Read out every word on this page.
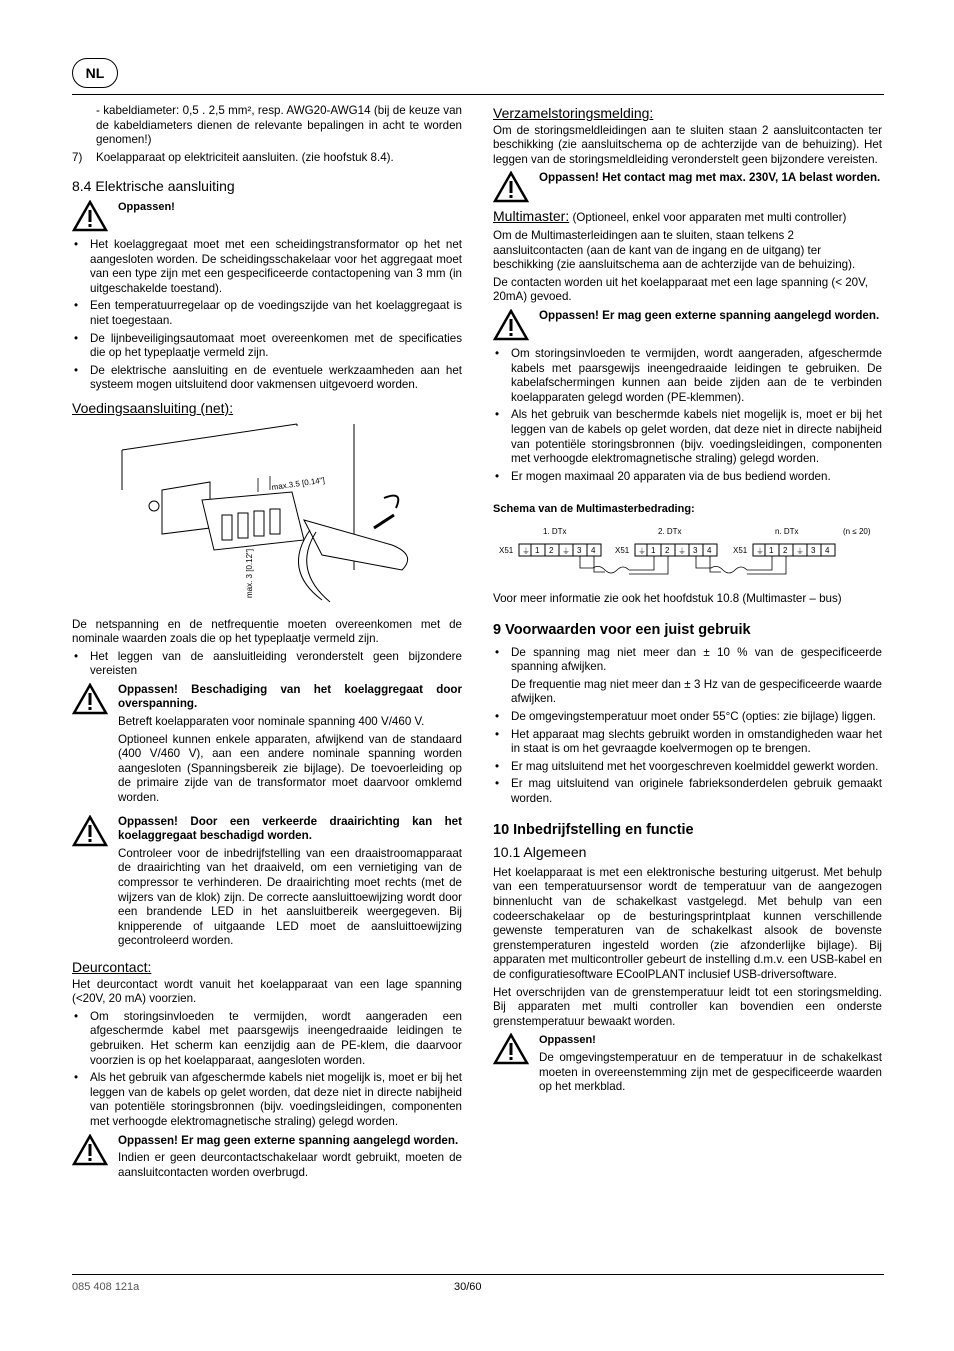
NL

- kabeldiameter: 0,5 . 2,5 mm², resp. AWG20-AWG14 (bij de keuze van de kabeldiameters dienen de relevante bepalingen in acht te worden genomen!)

7)	Koelapparaat op elektriciteit aansluiten. (zie hoofstuk 8.4).
8.4 Elektrische aansluiting

Oppassen!

• Het koelaggregaat moet met een scheidingstransformator op het net aangesloten worden. De scheidingsschakelaar voor het aggregaat moet van een type zijn met een gespecificeerde contactopening van 3 mm (in uitgeschakelde toestand).
• Een temperatuurregelaar op de voedingszijde van het koelaggregaat is niet toegestaan.
• De lijnbeveiligingsautomaat moet overeenkomen met de specificaties die op het typeplaatje vermeld zijn.
• De elektrische aansluiting en de eventuele werkzaamheden aan het systeem mogen uitsluitend door vakmensen uitgevoerd worden.
Voedingsaansluiting (net):
max.3.5 [0.14"]
max. 3 [0.12"]

De netspanning en de netfrequentie moeten overeenkomen met de nominale waarden zoals die op het typeplaatje vermeld zijn.

• Het leggen van de aansluitleiding veronderstelt geen bijzondere vereisten

Oppassen! Beschadiging van het koelaggregaat door overspanning.

Betreft koelapparaten voor nominale spanning 400 V/460 V.

Optioneel kunnen enkele apparaten, afwijkend van de standaard (400 V/460 V), aan een andere nominale spanning worden aangesloten (Spanningsbereik zie bijlage). De toevoerleiding op de primaire zijde van de transformator moet daarvoor omklemd worden.

Oppassen! Door een verkeerde draairichting kan het koelaggregaat beschadigd worden.

Controleer voor de inbedrijfstelling van een draaistroomapparaat de draairichting van het draaiveld, om een vernietiging van de compressor te verhinderen. De draairichting moet rechts (met de wijzers van de klok) zijn. De correcte aansluittoewijzing wordt door een brandende LED in het aansluitbereik weergegeven. Bij knipperende of uitgaande LED moet de aansluittoewijzing gecontroleerd worden.

Deurcontact:

Het deurcontact wordt vanuit het koelapparaat van een lage spanning (<20V, 20 mA) voorzien.

• Om storingsinvloeden te vermijden, wordt aangeraden een afgeschermde kabel met paarsgewijs ineengedraaide leidingen te gebruiken. Het scherm kan eenzijdig aan de PE-klem, die daarvoor voorzien is op het koelapparaat, aangesloten worden.
• Als het gebruik van afgeschermde kabels niet mogelijk is, moet er bij het leggen van de kabels op gelet worden, dat deze niet in directe nabijheid van potentiële storingsbronnen (bijv. voedingsleidingen, componenten met verhoogde elektromagnetische straling) gelegd worden.

Oppassen! Er mag geen externe spanning aangelegd worden.

Indien er geen deurcontactschakelaar wordt gebruikt, moeten de aansluitcontacten worden overbrugd.

Verzamelstoringsmelding:

Om de storingsmeldleidingen aan te sluiten staan 2 aansluitcontacten ter beschikking (zie aansluitschema op de achterzijde van de behuizing). Het leggen van de storingsmeldleiding veronderstelt geen bijzondere vereisten.

Oppassen! Het contact mag met max. 230V, 1A belast worden.

Multimaster: (Optioneel, enkel voor apparaten met multi controller)

Om de Multimasterleidingen aan te sluiten, staan telkens 2 aansluitcontacten (aan de kant van de ingang en de uitgang) ter beschikking (zie aansluitschema aan de achterzijde van de behuizing).

De contacten worden uit het koelapparaat met een lage spanning (< 20V, 20mA) gevoed.

Oppassen! Er mag geen externe spanning aangelegd worden.

• Om storingsinvloeden te vermijden, wordt aangeraden, afgeschermde kabels met paarsgewijs ineengedraaide leidingen te gebruiken. De kabelafschermingen kunnen aan beide zijden aan de te verbinden koelapparaten gelegd worden (PE-klemmen).
• Als het gebruik van beschermde kabels niet mogelijk is, moet er bij het leggen van de kabels op gelet worden, dat deze niet in directe nabijheid van potentiële storingsbronnen (bijv. voedingsleidingen, componenten met verhoogde elektromagnetische straling) gelegd worden.
• Er mogen maximaal 20 apparaten via de bus bediend worden.

Schema van de Multimasterbedrading:

1. DTx	2. DTx	n. DTx	(n ≤ 20)
X51 ⏚ 1 2 ⏚ 3 4 X51 ⏚ 1 2 ⏚ 3 4	X51 ⏚ 1 2 ⏚ 3 4

Voor meer informatie zie ook het hoofdstuk 10.8 (Multimaster – bus)

9 Voorwaarden voor een juist gebruik
• De spanning mag niet meer dan ± 10 % van de gespecificeerde spanning afwijken.
De frequentie mag niet meer dan ± 3 Hz van de gespecificeerde waarde afwijken.
• De omgevingstemperatuur moet onder 55°C (opties: zie bijlage) liggen.
• Het apparaat mag slechts gebruikt worden in omstandigheden waar het in staat is om het gevraagde koelvermogen op te brengen.
• Er mag uitsluitend met het voorgeschreven koelmiddel gewerkt worden.
• Er mag uitsluitend van originele fabrieksonderdelen gebruik gemaakt worden.
10 Inbedrijfstelling en functie
10.1 Algemeen

Het koelapparaat is met een elektronische besturing uitgerust. Met behulp van een temperatuursensor wordt de temperatuur van de aangezogen binnenlucht van de schakelkast vastgelegd. Met behulp van een codeerschakelaar op de besturingsprintplaat kunnen verschillende gewenste temperaturen van de schakelkast alsook de bovenste grenstemperaturen ingesteld worden (zie afzonderlijke bijlage). Bij apparaten met multicontroller gebeurt de instelling d.m.v. een USB-kabel en de configuratiesoftware ECoolPLANT inclusief USB-driversoftware.

Het overschrijden van de grenstemperatuur leidt tot een storingsmelding. Bij apparaten met multi controller kan bovendien een onderste grenstemperatuur bewaakt worden.

Oppassen!

De omgevingstemperatuur en de temperatuur in de schakelkast moeten in overeenstemming zijn met de gespecificeerde waarden op het merkblad.

085 408 121a	30/60
